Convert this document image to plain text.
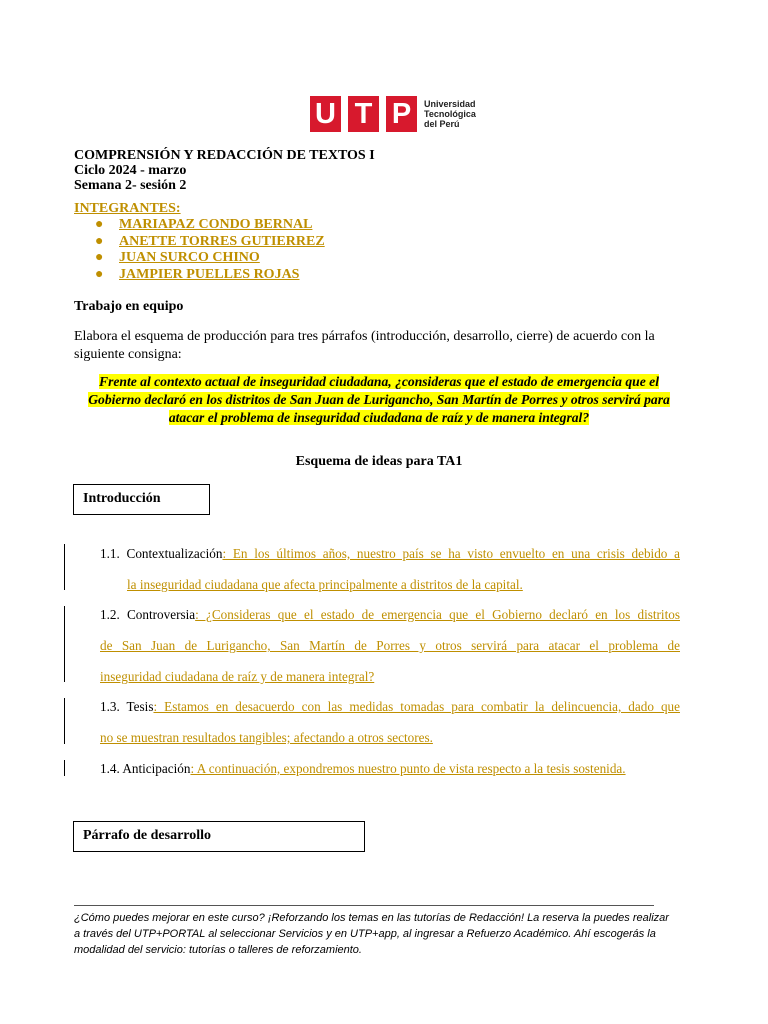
U T P	Universidad
Tecnológica
del Perú
COMPRENSIÓN Y REDACCIÓN DE TEXTOS I
Ciclo 2024 - marzo
Semana 2- sesión 2
INTEGRANTES:
● MARIAPAZ CONDO BERNAL
● ANETTE TORRES GUTIERREZ
● JUAN SURCO CHINO
● JAMPIER PUELLES ROJAS
Trabajo en equipo
Elabora el esquema de producción para tres párrafos (introducción, desarrollo, cierre) de acuerdo con la siguiente consigna:
Frente al contexto actual de inseguridad ciudadana, ¿consideras que el estado de emergencia que el Gobierno declaró en los distritos de San Juan de Lurigancho, San Martín de Porres y otros servirá para atacar el problema de inseguridad ciudadana de raíz y de manera integral?
Esquema de ideas para TA1
Introducción
1.1. Contextualización: En los últimos años, nuestro país se ha visto envuelto en una crisis debido a
la inseguridad ciudadana que afecta principalmente a distritos de la capital.
1.2. Controversia: ¿Consideras que el estado de emergencia que el Gobierno declaró en los distritos
de San Juan de Lurigancho, San Martín de Porres y otros servirá para atacar el problema de
inseguridad ciudadana de raíz y de manera integral?
1.3. Tesis: Estamos en desacuerdo con las medidas tomadas para combatir la delincuencia, dado que
no se muestran resultados tangibles; afectando a otros sectores.
1.4. Anticipación: A continuación, expondremos nuestro punto de vista respecto a la tesis sostenida.
Párrafo de desarrollo
¿Cómo puedes mejorar en este curso? ¡Reforzando los temas en las tutorías de Redacción! La reserva la puedes realizar a través del UTP+PORTAL al seleccionar Servicios y en UTP+app, al ingresar a Refuerzo Académico. Ahí escogerás la modalidad del servicio: tutorías o talleres de reforzamiento.
